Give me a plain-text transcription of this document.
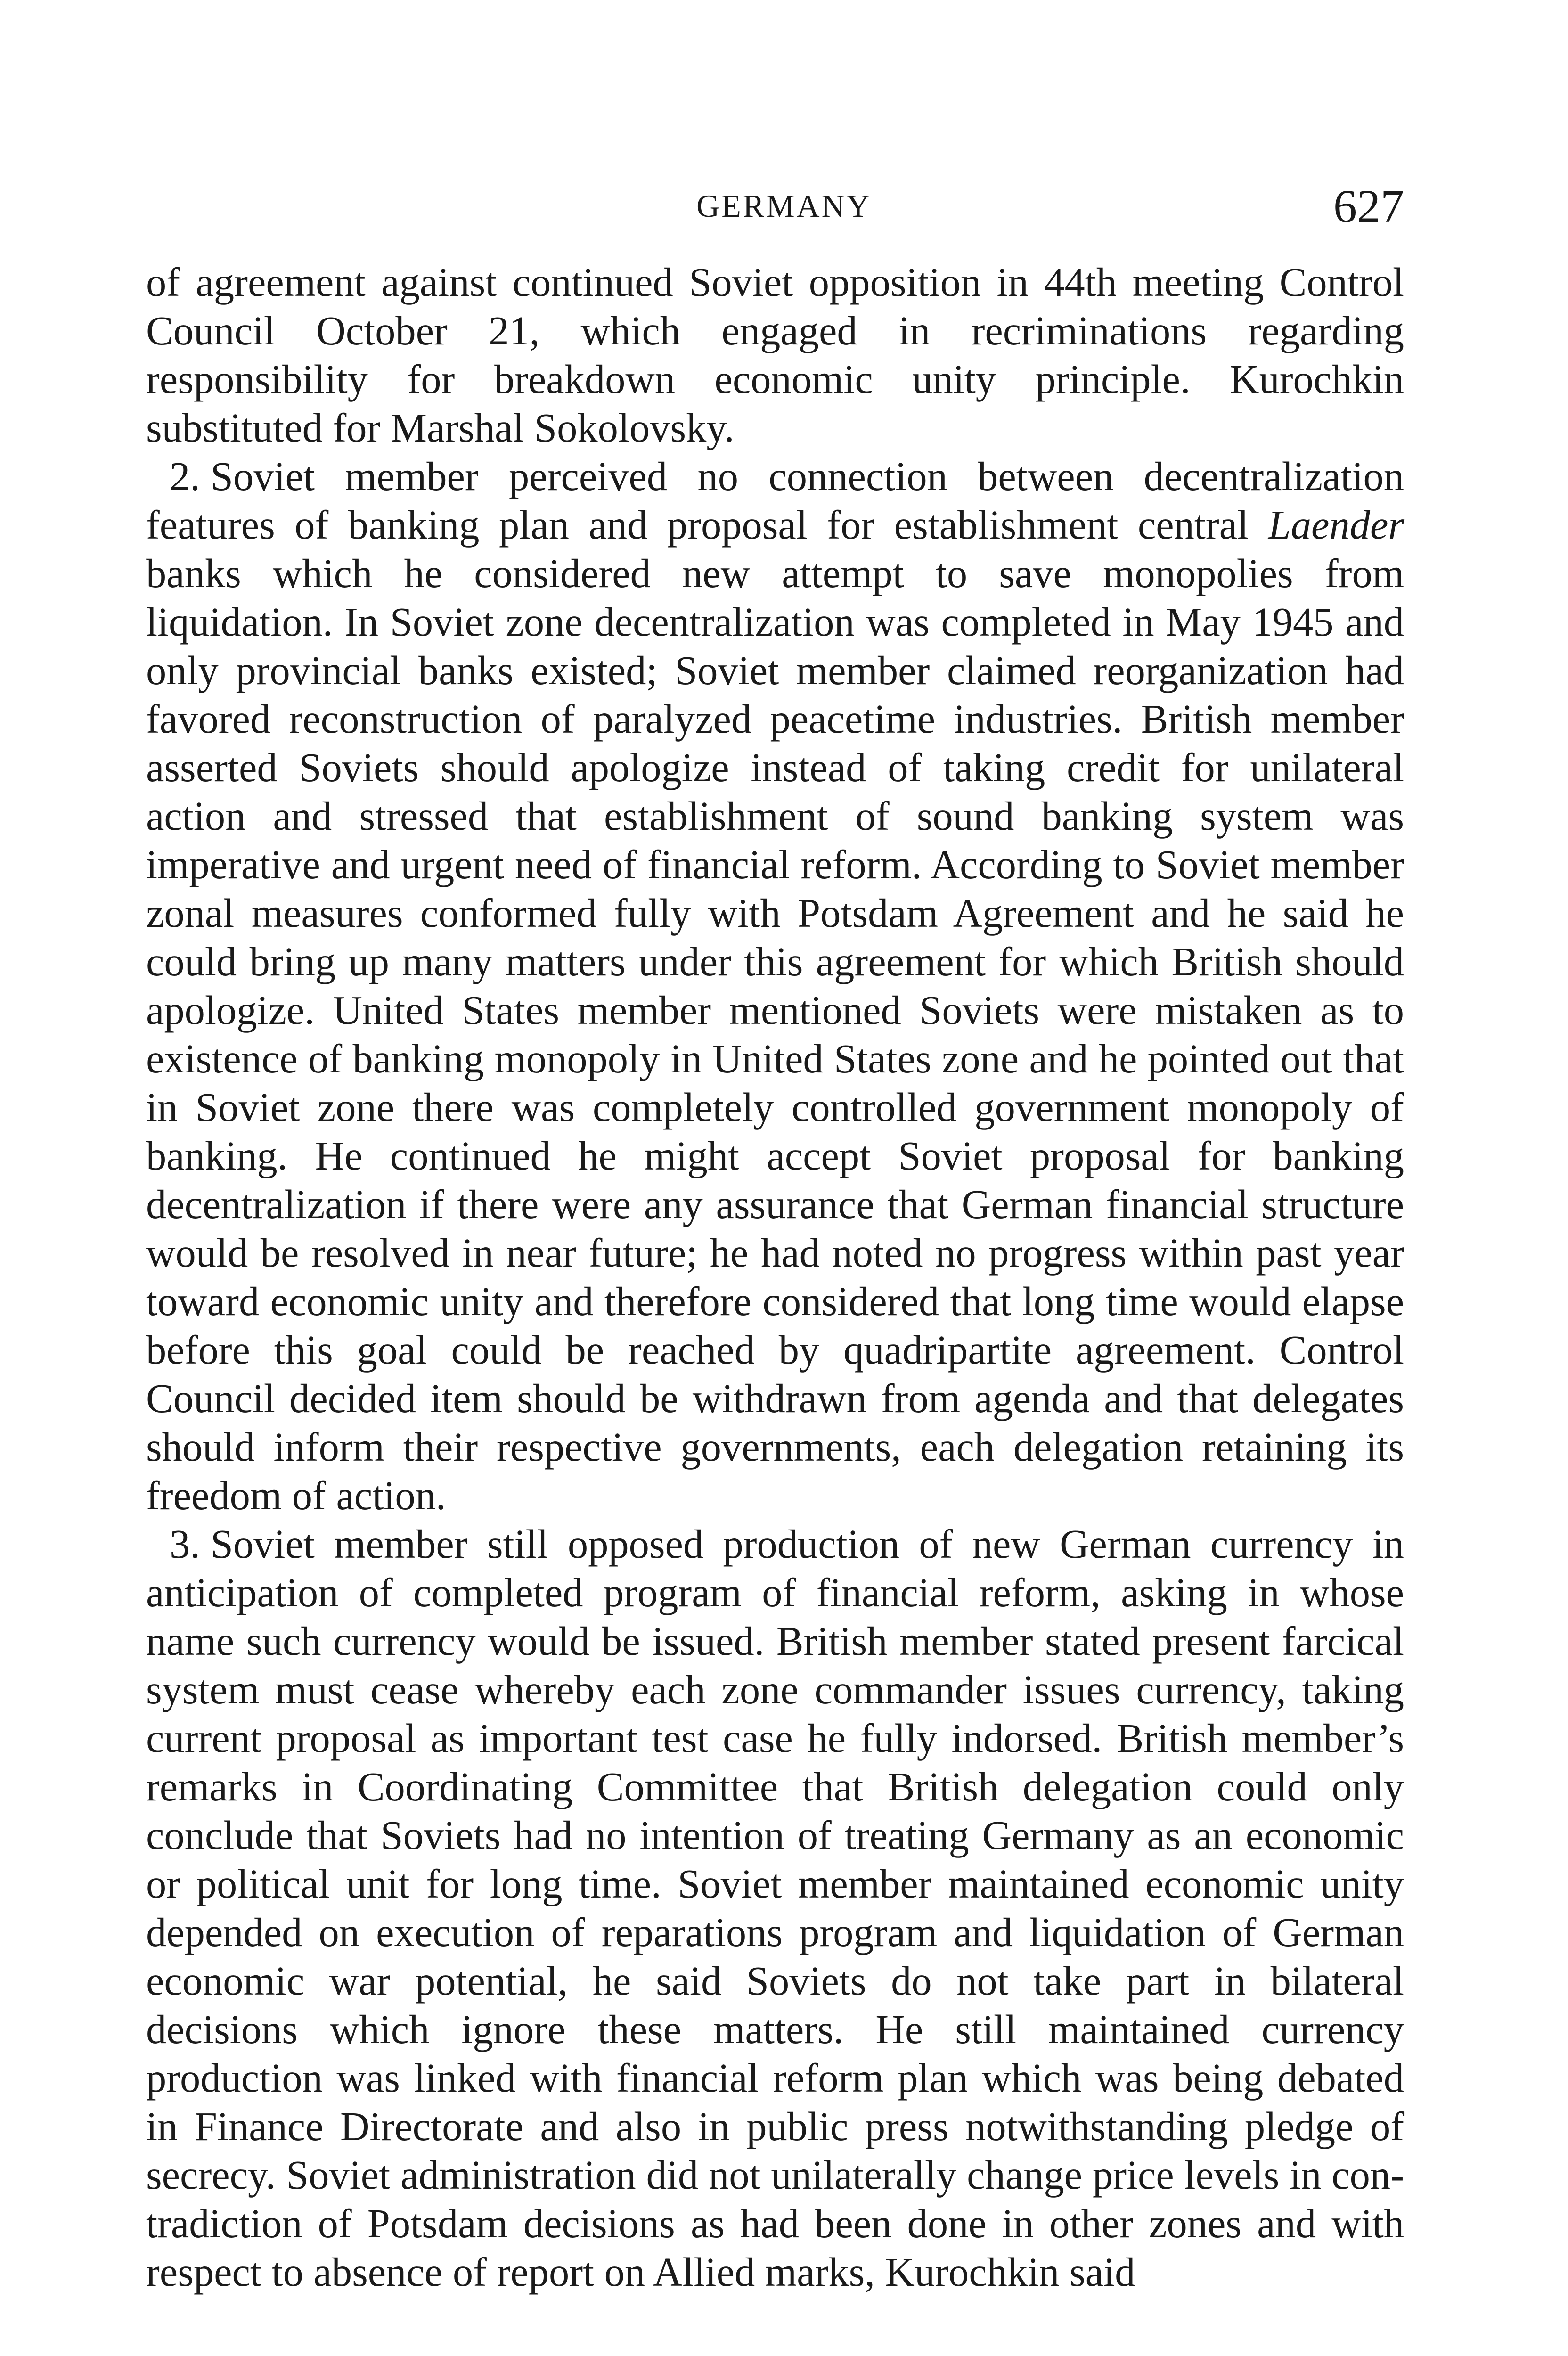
GERMANY	627

of agreement against continued Soviet opposition in 44th meeting Control Council October 21, which engaged in recriminations regarding responsibility for breakdown economic unity principle. Kurochkin substituted for Marshal Sokolovsky.

2. Soviet member perceived no connection between decentralization features of banking plan and proposal for establishment central Laender banks which he considered new attempt to save monopolies from liquidation. In Soviet zone decentralization was completed in May 1945 and only provincial banks existed; Soviet member claimed reorganization had favored reconstruction of paralyzed peacetime industries. British member asserted Soviets should apologize instead of taking credit for unilateral action and stressed that establishment of sound banking system was imperative and urgent need of financial reform. According to Soviet member zonal measures conformed fully with Potsdam Agreement and he said he could bring up many matters under this agreement for which British should apologize. United States member mentioned Soviets were mistaken as to existence of banking monopoly in United States zone and he pointed out that in Soviet zone there was completely controlled government monopoly of banking. He continued he might accept Soviet proposal for banking decentralization if there were any assurance that German financial structure would be resolved in near future; he had noted no progress within past year toward economic unity and therefore considered that long time would elapse before this goal could be reached by quadripartite agreement. Control Council decided item should be withdrawn from agenda and that delegates should inform their respective governments, each delegation retaining its freedom of action.

3. Soviet member still opposed production of new German currency in anticipation of completed program of financial reform, asking in whose name such currency would be issued. British member stated present farcical system must cease whereby each zone commander issues currency, taking current proposal as important test case he fully indorsed. British member’s remarks in Coordinating Committee that British delegation could only conclude that Soviets had no intention of treating Germany as an economic or political unit for long time. Soviet member maintained economic unity depended on execution of reparations program and liquidation of German economic war potential, he said Soviets do not take part in bilateral decisions which ignore these matters. He still maintained currency production was linked with financial reform plan which was being debated in Finance Directorate and also in public press notwithstanding pledge of secrecy. Soviet administration did not unilaterally change price levels in contradiction of Potsdam decisions as had been done in other zones and with respect to absence of report on Allied marks, Kurochkin said
